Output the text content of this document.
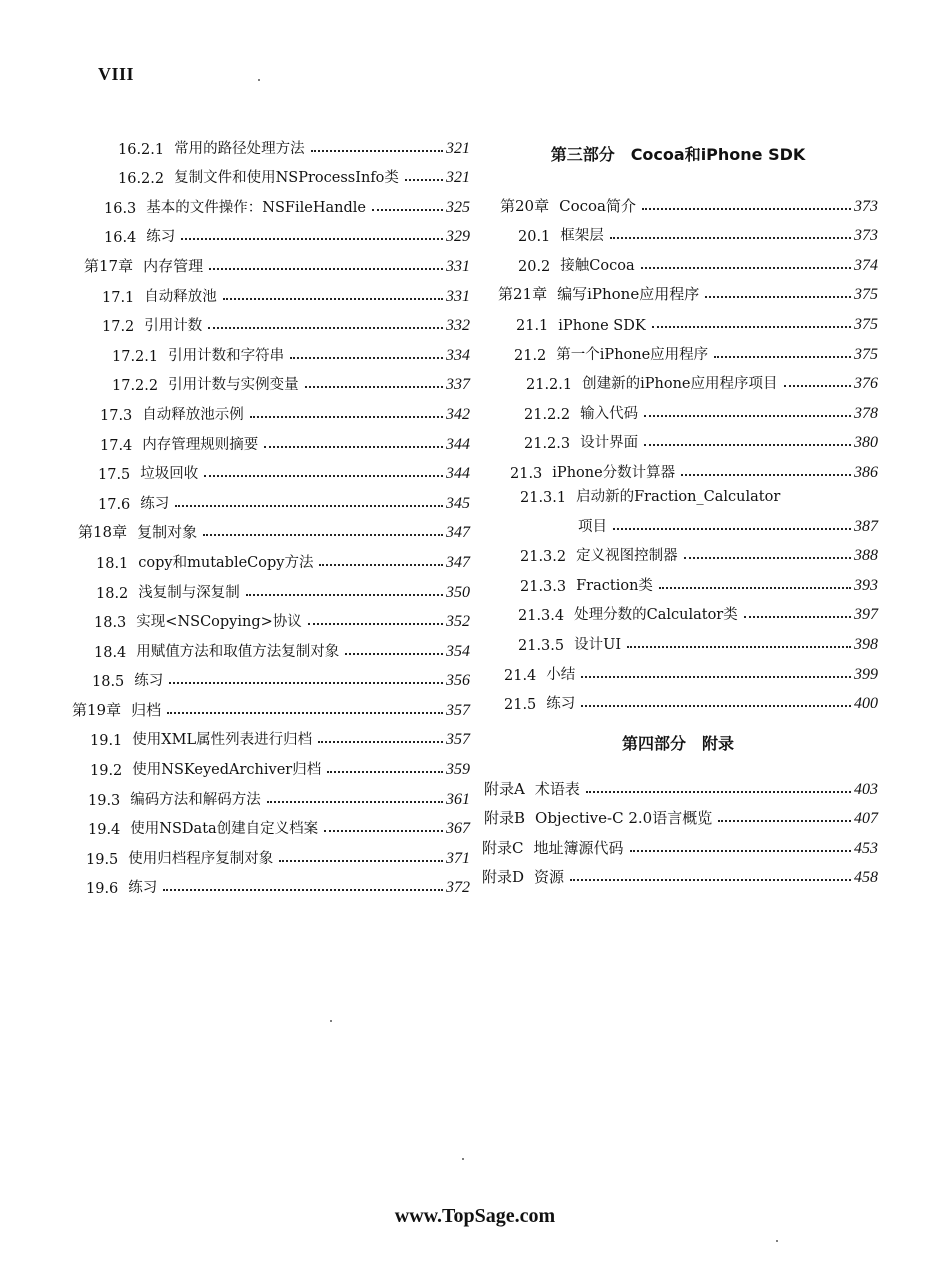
VIII
16.2.1 常用的路径处理方法	321
16.2.2 复制文件和使用NSProcessInfo类	321
16.3 基本的文件操作：NSFileHandle	325
16.4 练习	329
第17章 内存管理	331
17.1 自动释放池	331
17.2 引用计数	332
17.2.1 引用计数和字符串	334
17.2.2 引用计数与实例变量	337
17.3 自动释放池示例	342
17.4 内存管理规则摘要	344
17.5 垃圾回收	344
17.6 练习	345
第18章 复制对象	347
18.1 copy和mutableCopy方法	347
18.2 浅复制与深复制	350
18.3 实现<NSCopying>协议	352
18.4 用赋值方法和取值方法复制对象	354
18.5 练习	356
第19章 归档	357
19.1 使用XML属性列表进行归档	357
19.2 使用NSKeyedArchiver归档	359
19.3 编码方法和解码方法	361
19.4 使用NSData创建自定义档案	367
19.5 使用归档程序复制对象	371
19.6 练习	372
第三部分　Cocoa和iPhone SDK
第20章 Cocoa简介	373
20.1 框架层	373
20.2 接触Cocoa	374
第21章 编写iPhone应用程序	375
21.1 iPhone SDK	375
21.2 第一个iPhone应用程序	375
21.2.1 创建新的iPhone应用程序项目	376
21.2.2 输入代码	378
21.2.3 设计界面	380
21.3 iPhone分数计算器	386
21.3.1 启动新的Fraction_Calculator
项目	387
21.3.2 定义视图控制器	388
21.3.3 Fraction类	393
21.3.4 处理分数的Calculator类	397
21.3.5 设计UI	398
21.4 小结	399
21.5 练习	400
第四部分　附录
附录A 术语表	403
附录B Objective-C 2.0语言概览	407
附录C 地址簿源代码	453
附录D 资源	458
www.TopSage.com
